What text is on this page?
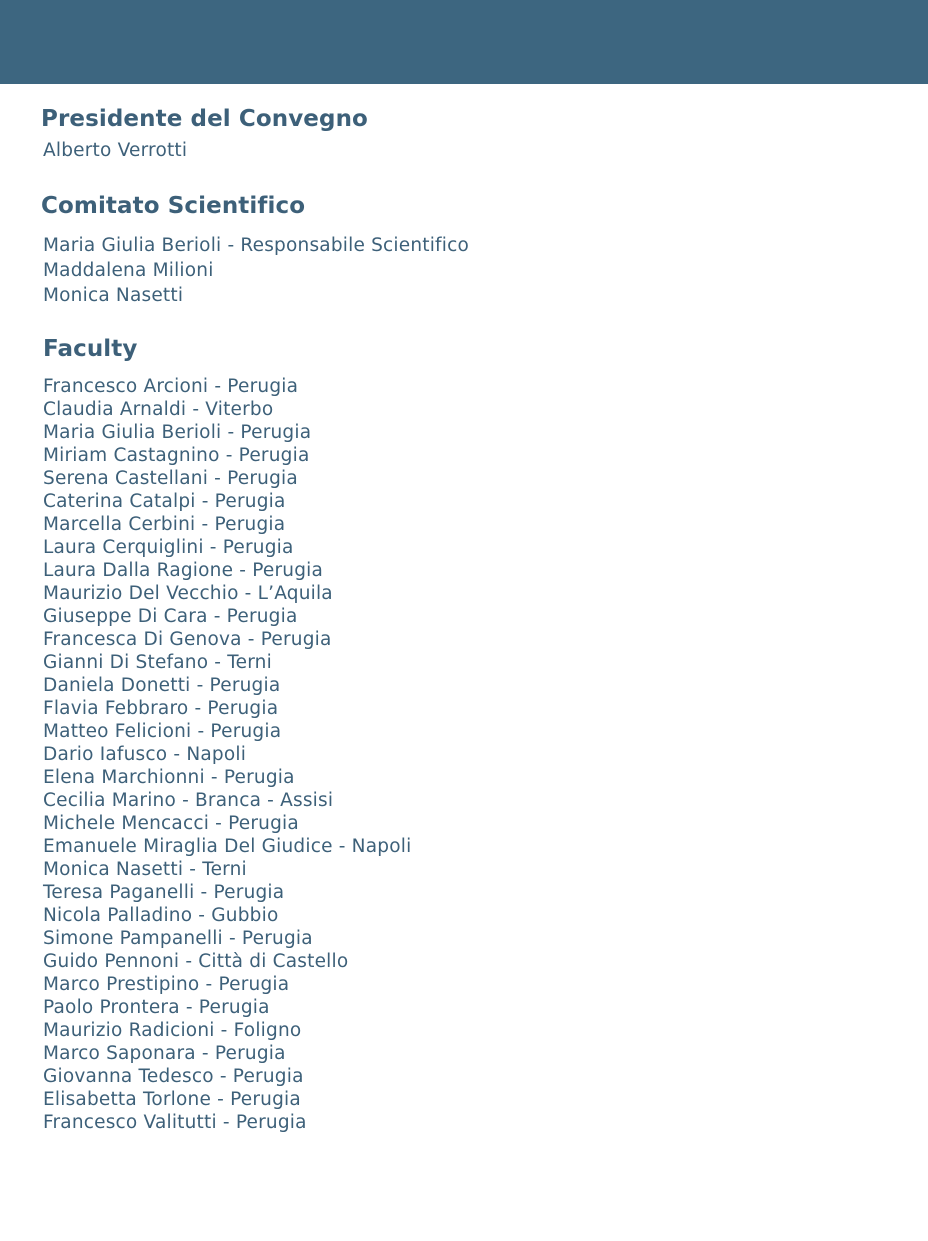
Presidente del Convegno

Alberto Verrotti

Comitato Scientifico
Maria Giulia Berioli - Responsabile Scientifico
Maddalena Milioni
Monica Nasetti
Faculty
Francesco Arcioni - Perugia
Claudia Arnaldi - Viterbo
Maria Giulia Berioli - Perugia
Miriam Castagnino - Perugia
Serena Castellani - Perugia
Caterina Catalpi - Perugia
Marcella Cerbini - Perugia
Laura Cerquiglini - Perugia
Laura Dalla Ragione - Perugia
Maurizio Del Vecchio - L’Aquila
Giuseppe Di Cara - Perugia
Francesca Di Genova - Perugia
Gianni Di Stefano - Terni
Daniela Donetti - Perugia
Flavia Febbraro - Perugia
Matteo Felicioni - Perugia
Dario Iafusco - Napoli
Elena Marchionni - Perugia
Cecilia Marino - Branca - Assisi
Michele Mencacci - Perugia
Emanuele Miraglia Del Giudice - Napoli
Monica Nasetti - Terni
Teresa Paganelli - Perugia
Nicola Palladino - Gubbio
Simone Pampanelli - Perugia
Guido Pennoni - Città di Castello
Marco Prestipino - Perugia
Paolo Prontera - Perugia
Maurizio Radicioni - Foligno
Marco Saponara - Perugia
Giovanna Tedesco - Perugia
Elisabetta Torlone - Perugia
Francesco Valitutti - Perugia
